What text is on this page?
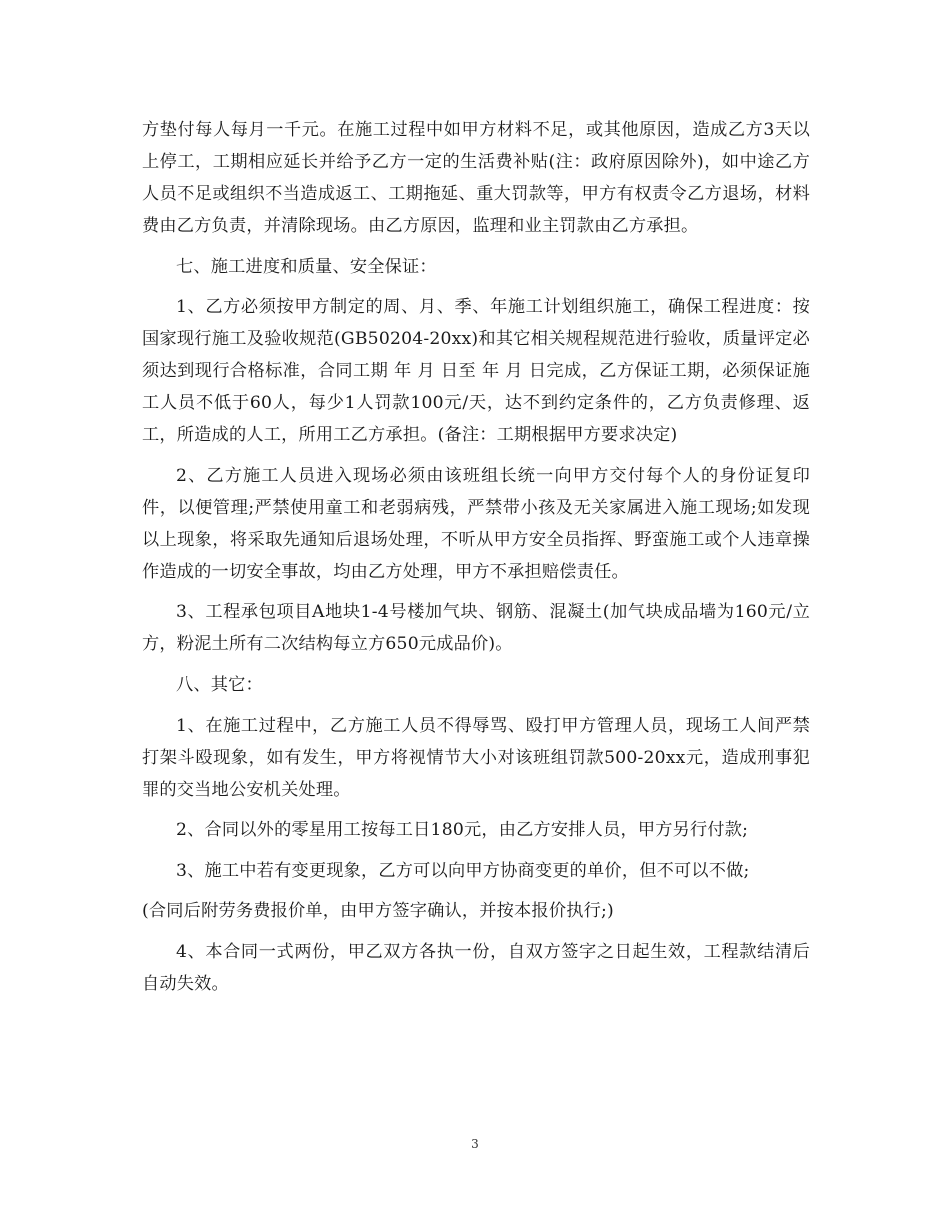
方垫付每人每月一千元。在施工过程中如甲方材料不足，或其他原因，造成乙方3天以上停工，工期相应延长并给予乙方一定的生活费补贴(注：政府原因除外)，如中途乙方人员不足或组织不当造成返工、工期拖延、重大罚款等，甲方有权责令乙方退场，材料费由乙方负责，并清除现场。由乙方原因，监理和业主罚款由乙方承担。

七、施工进度和质量、安全保证：

1、乙方必须按甲方制定的周、月、季、年施工计划组织施工，确保工程进度：按国家现行施工及验收规范(GB50204-20xx)和其它相关规程规范进行验收，质量评定必须达到现行合格标准，合同工期 年 月 日至 年 月 日完成，乙方保证工期，必须保证施工人员不低于60人，每少1人罚款100元/天，达不到约定条件的，乙方负责修理、返工，所造成的人工，所用工乙方承担。(备注：工期根据甲方要求决定)

2、乙方施工人员进入现场必须由该班组长统一向甲方交付每个人的身份证复印件，以便管理;严禁使用童工和老弱病残，严禁带小孩及无关家属进入施工现场;如发现以上现象，将采取先通知后退场处理，不听从甲方安全员指挥、野蛮施工或个人违章操作造成的一切安全事故，均由乙方处理，甲方不承担赔偿责任。

3、工程承包项目A地块1-4号楼加气块、钢筋、混凝土(加气块成品墙为160元/立方，粉泥土所有二次结构每立方650元成品价)。

八、其它：

1、在施工过程中，乙方施工人员不得辱骂、殴打甲方管理人员，现场工人间严禁打架斗殴现象，如有发生，甲方将视情节大小对该班组罚款500-20xx元，造成刑事犯罪的交当地公安机关处理。

2、合同以外的零星用工按每工日180元，由乙方安排人员，甲方另行付款;

3、施工中若有变更现象，乙方可以向甲方协商变更的单价，但不可以不做;

(合同后附劳务费报价单，由甲方签字确认，并按本报价执行;)

4、本合同一式两份，甲乙双方各执一份，自双方签字之日起生效，工程款结清后自动失效。

3
